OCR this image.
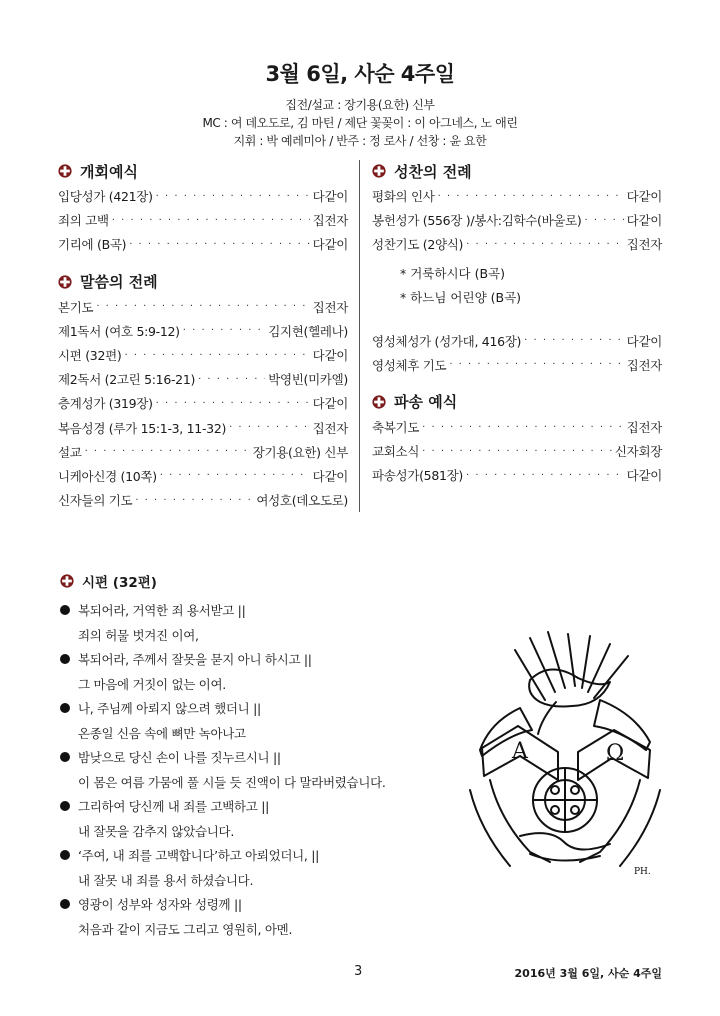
3월 6일, 사순 4주일
집전/설교 : 장기용(요한) 신부
MC : 여 데오도로, 김 마틴 / 제단 꽃꽂이 : 이 아그네스, 노 애린
지휘 : 박 예레미아 / 반주 : 정 로사 / 선창 : 윤 요한
개회예식
입당성가 (421장) · · ·	다같이
죄의 고백 · · ·	집전자
기리에 (B곡) · · ·	다같이
말씀의 전례
본기도 · · ·	집전자
제1독서 (여호 5:9-12) · · ·	김지현(헬레나)
시편 (32편) · · ·	다같이
제2독서 (2고린 5:16-21) · · ·	박영빈(미카엘)
층계성가 (319장) · · ·	다같이
복음성경 (루가 15:1-3, 11-32) · · ·	집전자
설교 · · ·	장기용(요한) 신부
니케아신경 (10쪽) · · ·	다같이
신자들의 기도 · · ·	여성호(데오도로)
성찬의 전례
평화의 인사 · · ·	다같이
봉헌성가 (556장 )/봉사:김학수(바울로) · · ·	다같이
성찬기도 (2양식) · · ·	집전자
* 거룩하시다 (B곡)
* 하느님 어린양 (B곡)
영성체성가 (성가대, 416장) · · ·	다같이
영성체후 기도 · · ·	집전자
파송 예식
축복기도 · · ·	집전자
교회소식 · · ·	신자회장
파송성가(581장) · · ·	다같이
시편 (32편)
복되어라, 거역한 죄 용서받고 ||
죄의 허물 벗겨진 이여,
복되어라, 주께서 잘못을 묻지 아니 하시고 ||
그 마음에 거짓이 없는 이여.
나, 주님께 아뢰지 않으려 했더니 ||
온종일 신음 속에 뼈만 녹아나고
밤낮으로 당신 손이 나를 짓누르시니 ||
이 몸은 여름 가뭄에 풀 시들 듯 진액이 다 말라버렸습니다.
그리하여 당신께 내 죄를 고백하고 ||
내 잘못을 감추지 않았습니다.
‘주여, 내 죄를 고백합니다’하고 아뢰었더니, ||
내 잘못 내 죄를 용서 하셨습니다.
영광이 성부와 성자와 성령께 ||
처음과 같이 지금도 그리고 영원히, 아멘.
A	Ω
PH.
3	2016년 3월 6일, 사순 4주일
